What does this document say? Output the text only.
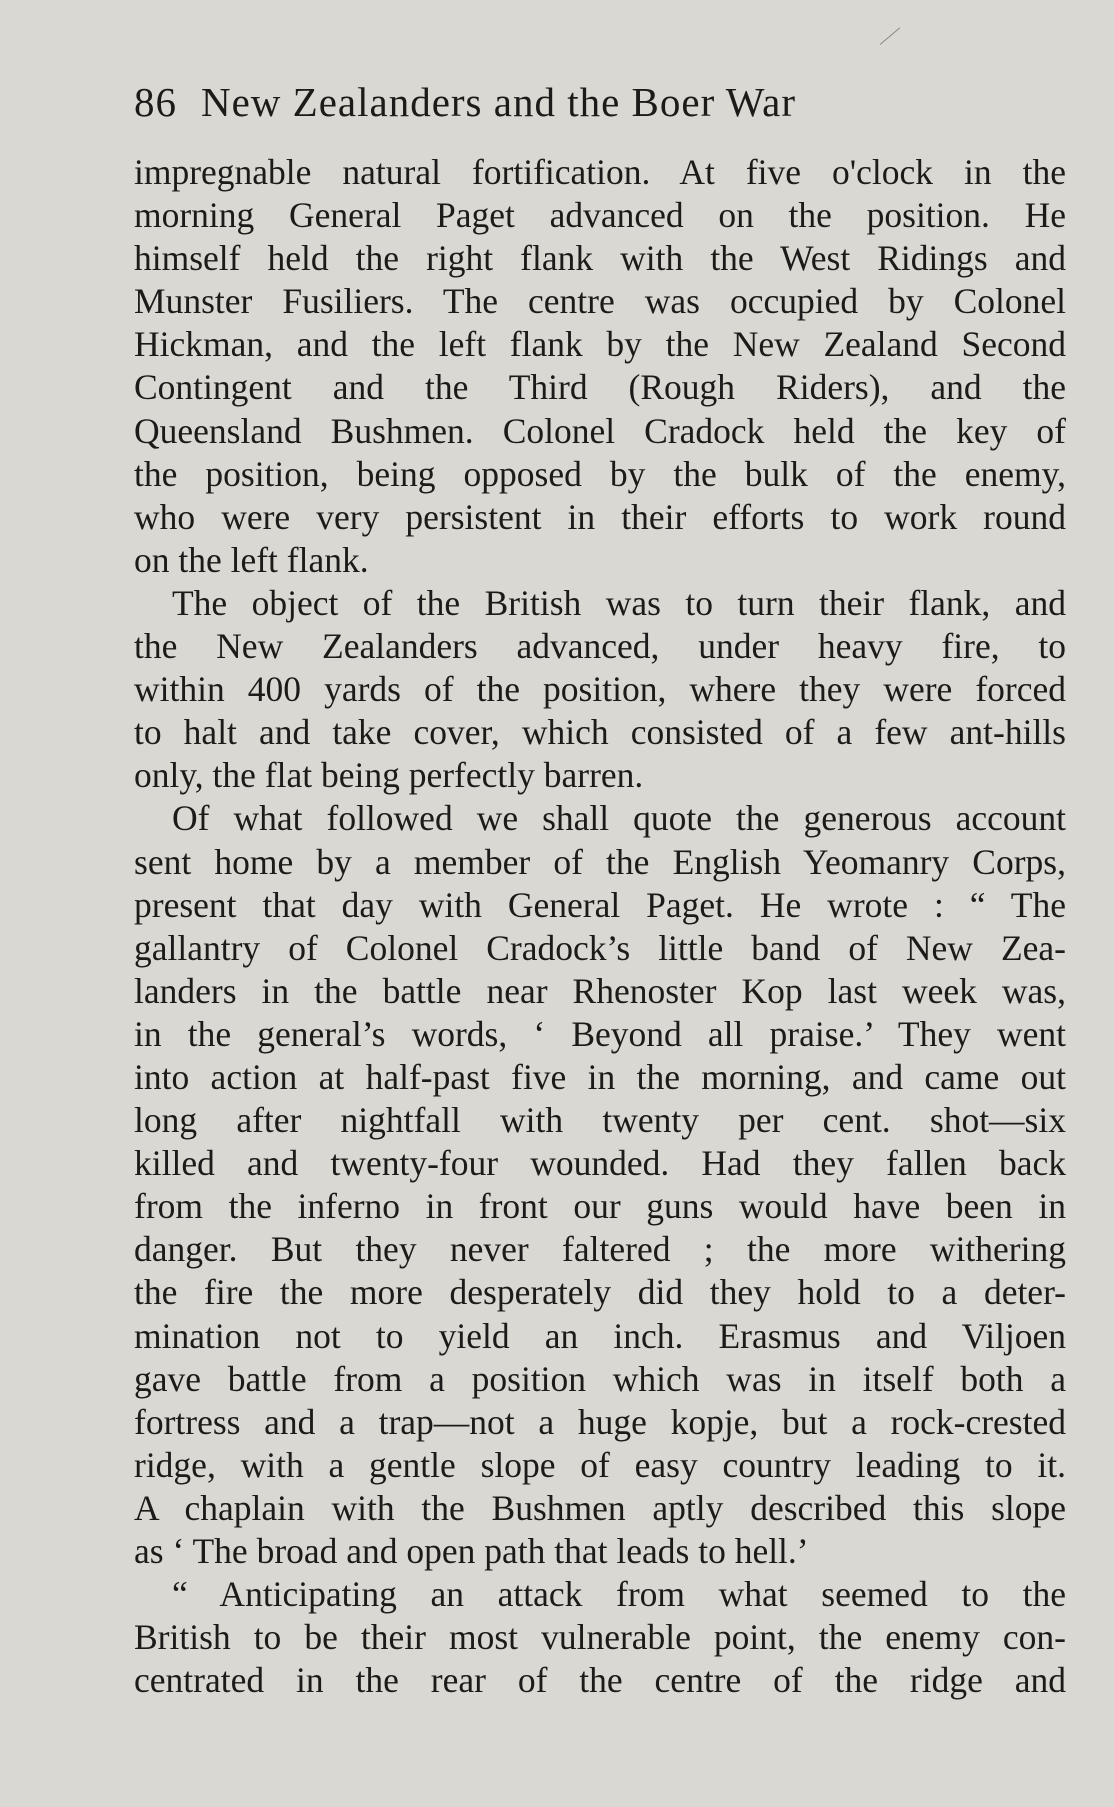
86 New Zealanders and the Boer War
impregnable natural fortification. At five o'clock in the
morning General Paget advanced on the position. He
himself held the right flank with the West Ridings and
Munster Fusiliers. The centre was occupied by Colonel
Hickman, and the left flank by the New Zealand Second
Contingent and the Third (Rough Riders), and the
Queensland Bushmen. Colonel Cradock held the key of
the position, being opposed by the bulk of the enemy,
who were very persistent in their efforts to work round
on the left flank.
The object of the British was to turn their flank, and
the New Zealanders advanced, under heavy fire, to
within 400 yards of the position, where they were forced
to halt and take cover, which consisted of a few ant-hills
only, the flat being perfectly barren.
Of what followed we shall quote the generous account
sent home by a member of the English Yeomanry Corps,
present that day with General Paget. He wrote : “ The
gallantry of Colonel Cradock’s little band of New Zea-
landers in the battle near Rhenoster Kop last week was,
in the general’s words, ‘ Beyond all praise.’ They went
into action at half-past five in the morning, and came out
long after nightfall with twenty per cent. shot—six
killed and twenty-four wounded. Had they fallen back
from the inferno in front our guns would have been in
danger. But they never faltered ; the more withering
the fire the more desperately did they hold to a deter-
mination not to yield an inch. Erasmus and Viljoen
gave battle from a position which was in itself both a
fortress and a trap—not a huge kopje, but a rock-crested
ridge, with a gentle slope of easy country leading to it.
A chaplain with the Bushmen aptly described this slope
as ‘ The broad and open path that leads to hell.’
“ Anticipating an attack from what seemed to the
British to be their most vulnerable point, the enemy con-
centrated in the rear of the centre of the ridge and
